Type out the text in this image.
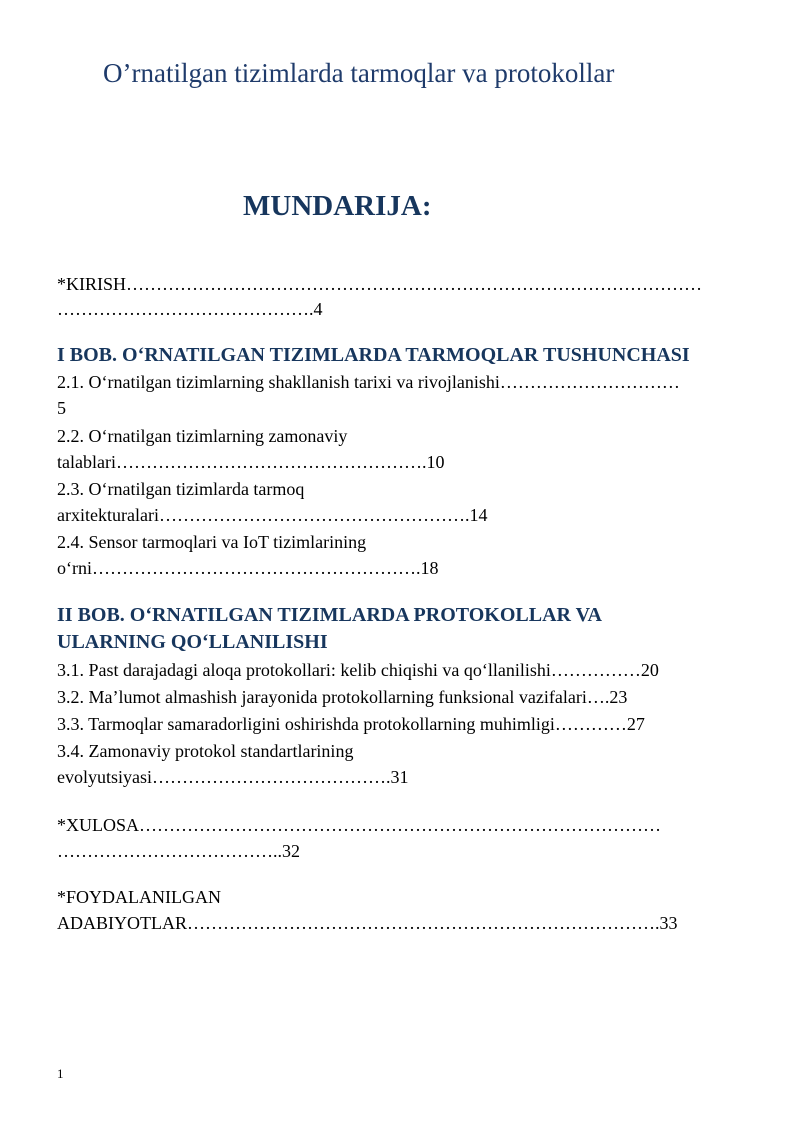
O’rnatilgan tizimlarda tarmoqlar va protokollar
MUNDARIJA:
*KIRISH……………………………………………………………………………………
…………………………………….4
I BOB. O‘RNATILGAN TIZIMLARDA TARMOQLAR TUSHUNCHASI
2.1. O‘rnatilgan tizimlarning shakllanish tarixi va rivojlanishi…………………………
5
2.2. O‘rnatilgan tizimlarning zamonaviy
talablari…………………………………………….10
2.3. O‘rnatilgan tizimlarda tarmoq
arxitekturalari…………………………………………….14
2.4. Sensor tarmoqlari va IoT tizimlarining
o‘rni……………………………………………….18
II BOB. O‘RNATILGAN TIZIMLARDA PROTOKOLLAR VA
ULARNING QO‘LLANILISHI
3.1. Past darajadagi aloqa protokollari: kelib chiqishi va qo‘llanilishi……………20
3.2. Ma’lumot almashish jarayonida protokollarning funksional vazifalari….23
3.3. Tarmoqlar samaradorligini oshirishda protokollarning muhimligi…………27
3.4. Zamonaviy protokol standartlarining
evolyutsiyasi………………………………….31
*XULOSA……………………………………………………………………………
………………………………..32
*FOYDALANILGAN
ADABIYOTLAR…………………………………………………………………….33
1
